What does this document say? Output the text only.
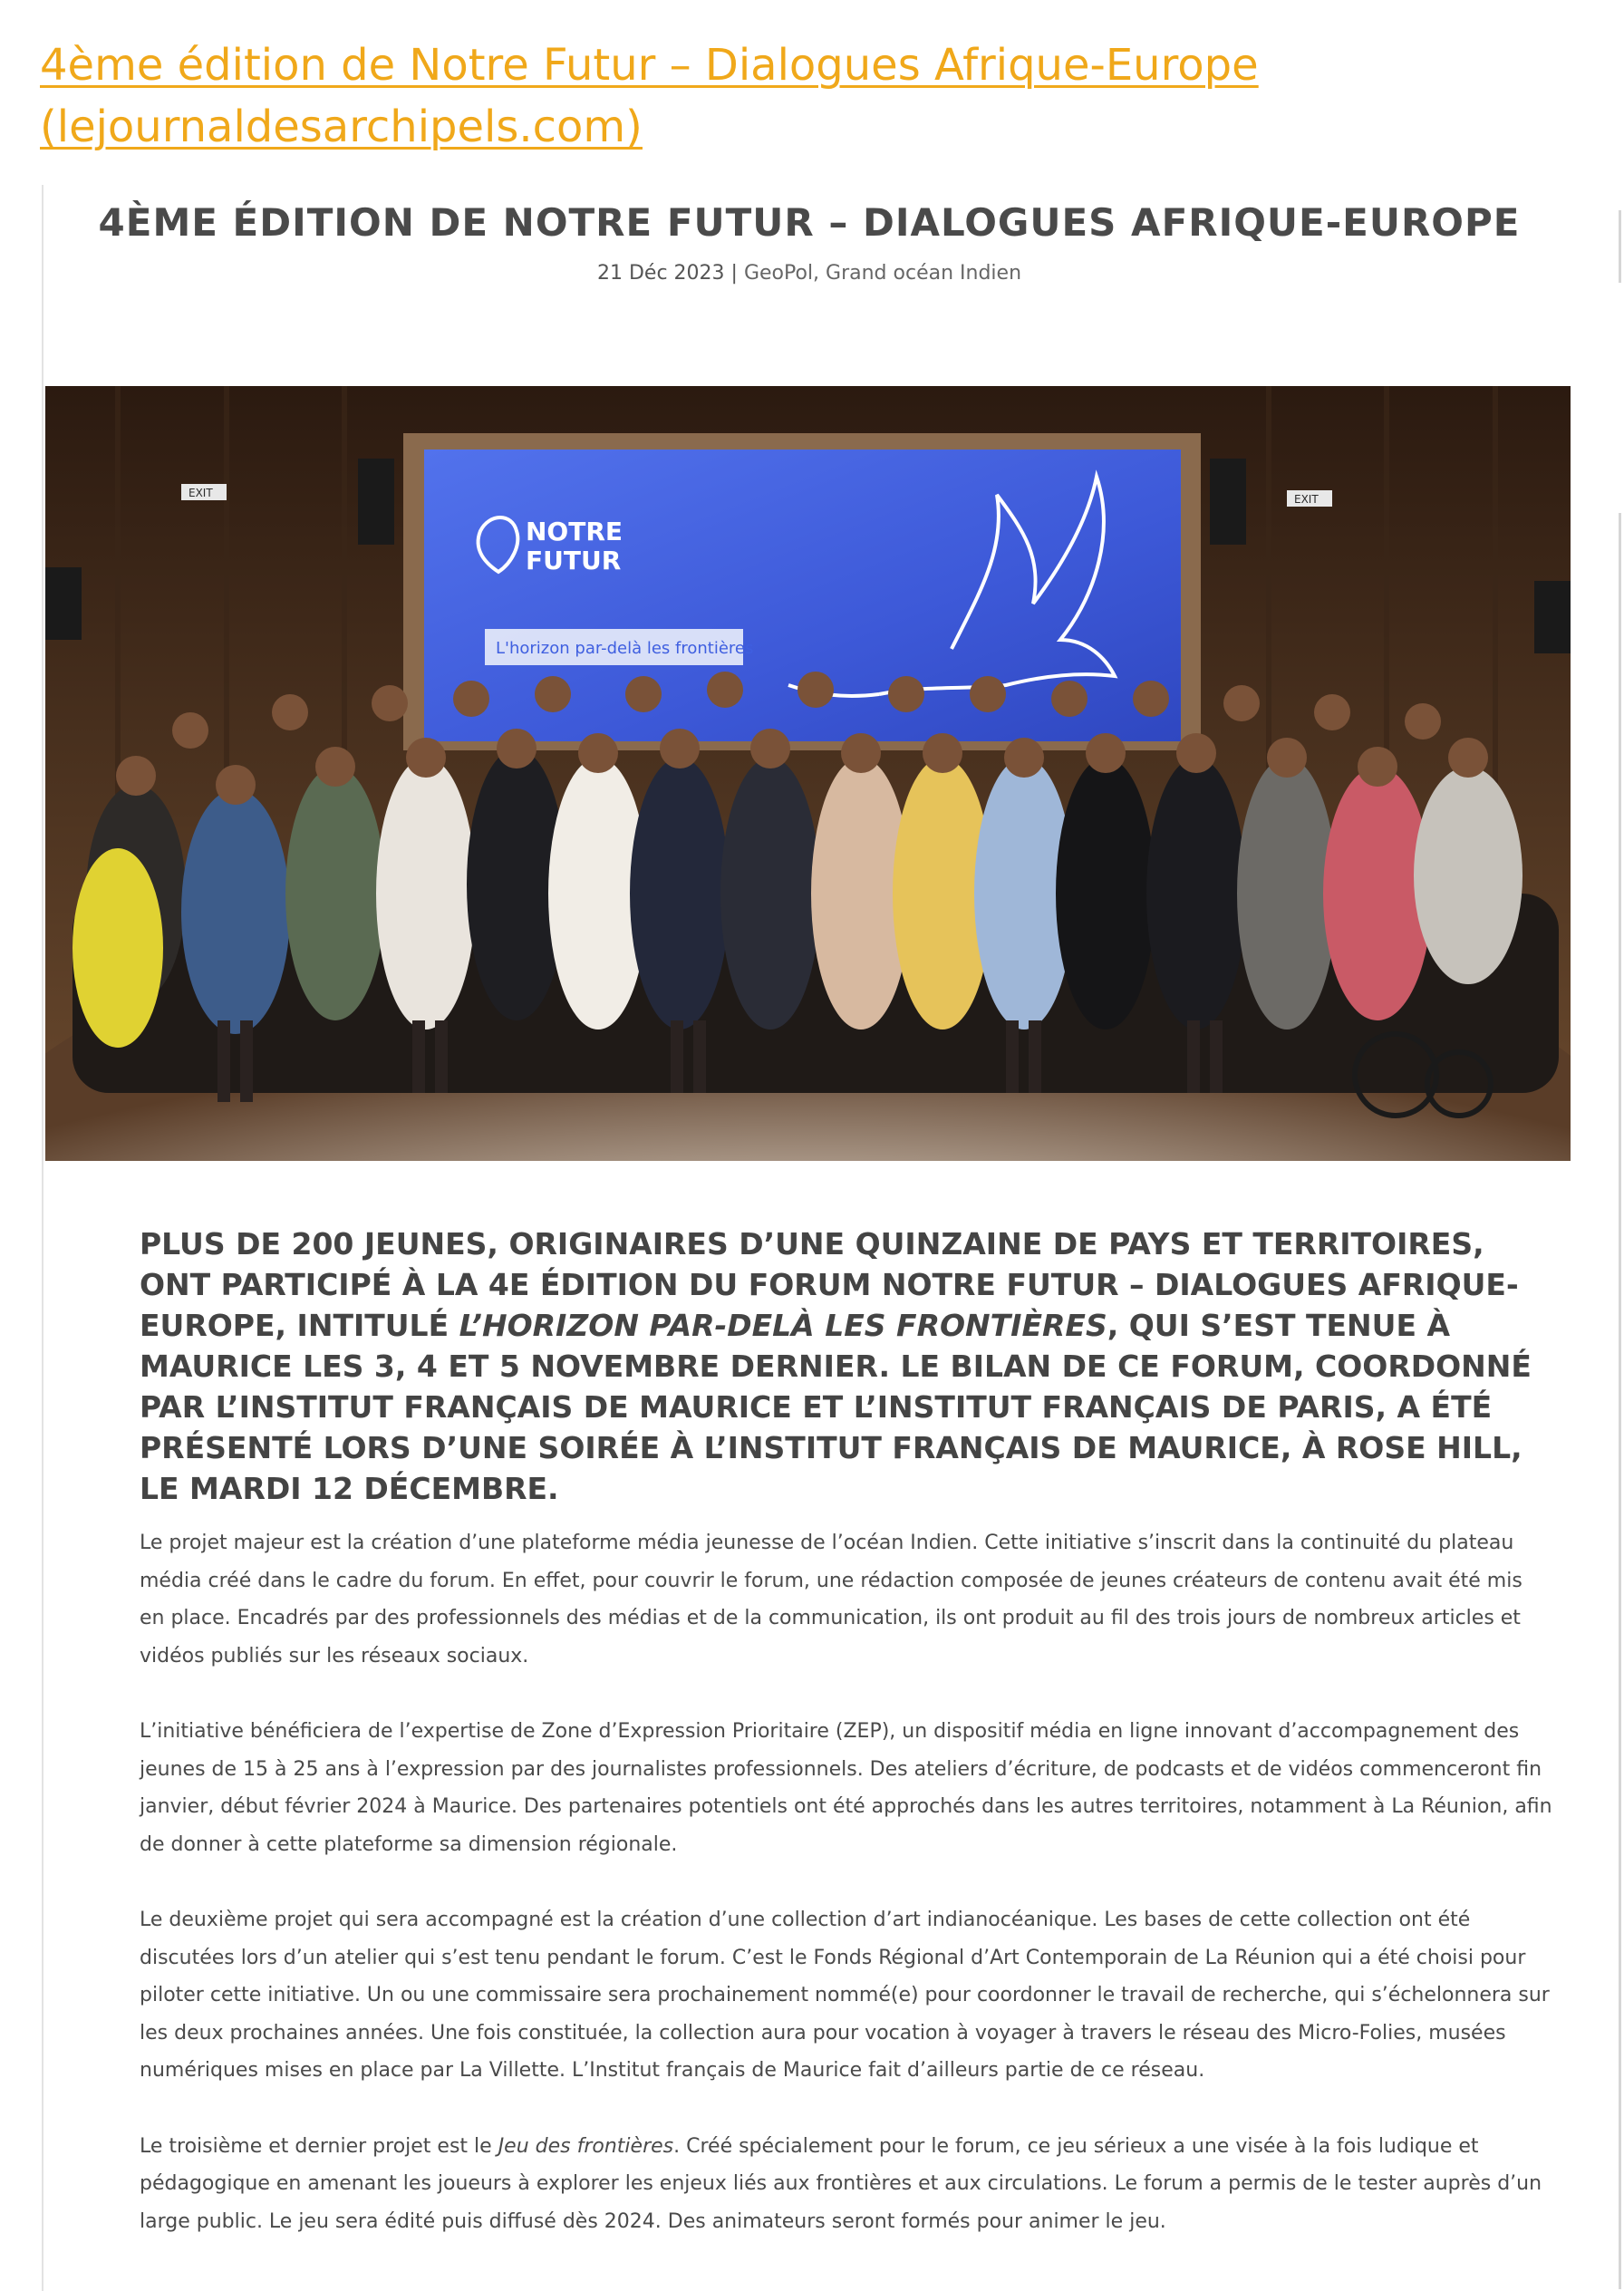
4ème édition de Notre Futur – Dialogues Afrique-Europe
(lejournaldesarchipels.com)
4ÈME ÉDITION DE NOTRE FUTUR – DIALOGUES AFRIQUE-EUROPE
21 Déc 2023 | GeoPol, Grand océan Indien
NOTRE
FUTUR
L'horizon par-delà les frontières
EXIT	EXIT

PLUS DE 200 JEUNES, ORIGINAIRES D’UNE QUINZAINE DE PAYS ET TERRITOIRES, ONT PARTICIPÉ À LA 4E ÉDITION DU FORUM NOTRE FUTUR – DIALOGUES AFRIQUE-EUROPE, INTITULÉ L’HORIZON PAR-DELÀ LES FRONTIÈRES, QUI S’EST TENUE À MAURICE LES 3, 4 ET 5 NOVEMBRE DERNIER. LE BILAN DE CE FORUM, COORDONNÉ PAR L’INSTITUT FRANÇAIS DE MAURICE ET L’INSTITUT FRANÇAIS DE PARIS, A ÉTÉ PRÉSENTÉ LORS D’UNE SOIRÉE À L’INSTITUT FRANÇAIS DE MAURICE, À ROSE HILL, LE MARDI 12 DÉCEMBRE.

Le projet majeur est la création d’une plateforme média jeunesse de l’océan Indien. Cette initiative s’inscrit dans la continuité du plateau média créé dans le cadre du forum. En effet, pour couvrir le forum, une rédaction composée de jeunes créateurs de contenu avait été mis en place. Encadrés par des professionnels des médias et de la communication, ils ont produit au fil des trois jours de nombreux articles et vidéos publiés sur les réseaux sociaux.

L’initiative bénéficiera de l’expertise de Zone d’Expression Prioritaire (ZEP), un dispositif média en ligne innovant d’accompagnement des jeunes de 15 à 25 ans à l’expression par des journalistes professionnels. Des ateliers d’écriture, de podcasts et de vidéos commenceront fin janvier, début février 2024 à Maurice. Des partenaires potentiels ont été approchés dans les autres territoires, notamment à La Réunion, afin de donner à cette plateforme sa dimension régionale.

Le deuxième projet qui sera accompagné est la création d’une collection d’art indianocéanique. Les bases de cette collection ont été discutées lors d’un atelier qui s’est tenu pendant le forum. C’est le Fonds Régional d’Art Contemporain de La Réunion qui a été choisi pour piloter cette initiative. Un ou une commissaire sera prochainement nommé(e) pour coordonner le travail de recherche, qui s’échelonnera sur les deux prochaines années. Une fois constituée, la collection aura pour vocation à voyager à travers le réseau des Micro-Folies, musées numériques mises en place par La Villette. L’Institut français de Maurice fait d’ailleurs partie de ce réseau.

Le troisième et dernier projet est le Jeu des frontières. Créé spécialement pour le forum, ce jeu sérieux a une visée à la fois ludique et pédagogique en amenant les joueurs à explorer les enjeux liés aux frontières et aux circulations. Le forum a permis de le tester auprès d’un large public. Le jeu sera édité puis diffusé dès 2024. Des animateurs seront formés pour animer le jeu.
